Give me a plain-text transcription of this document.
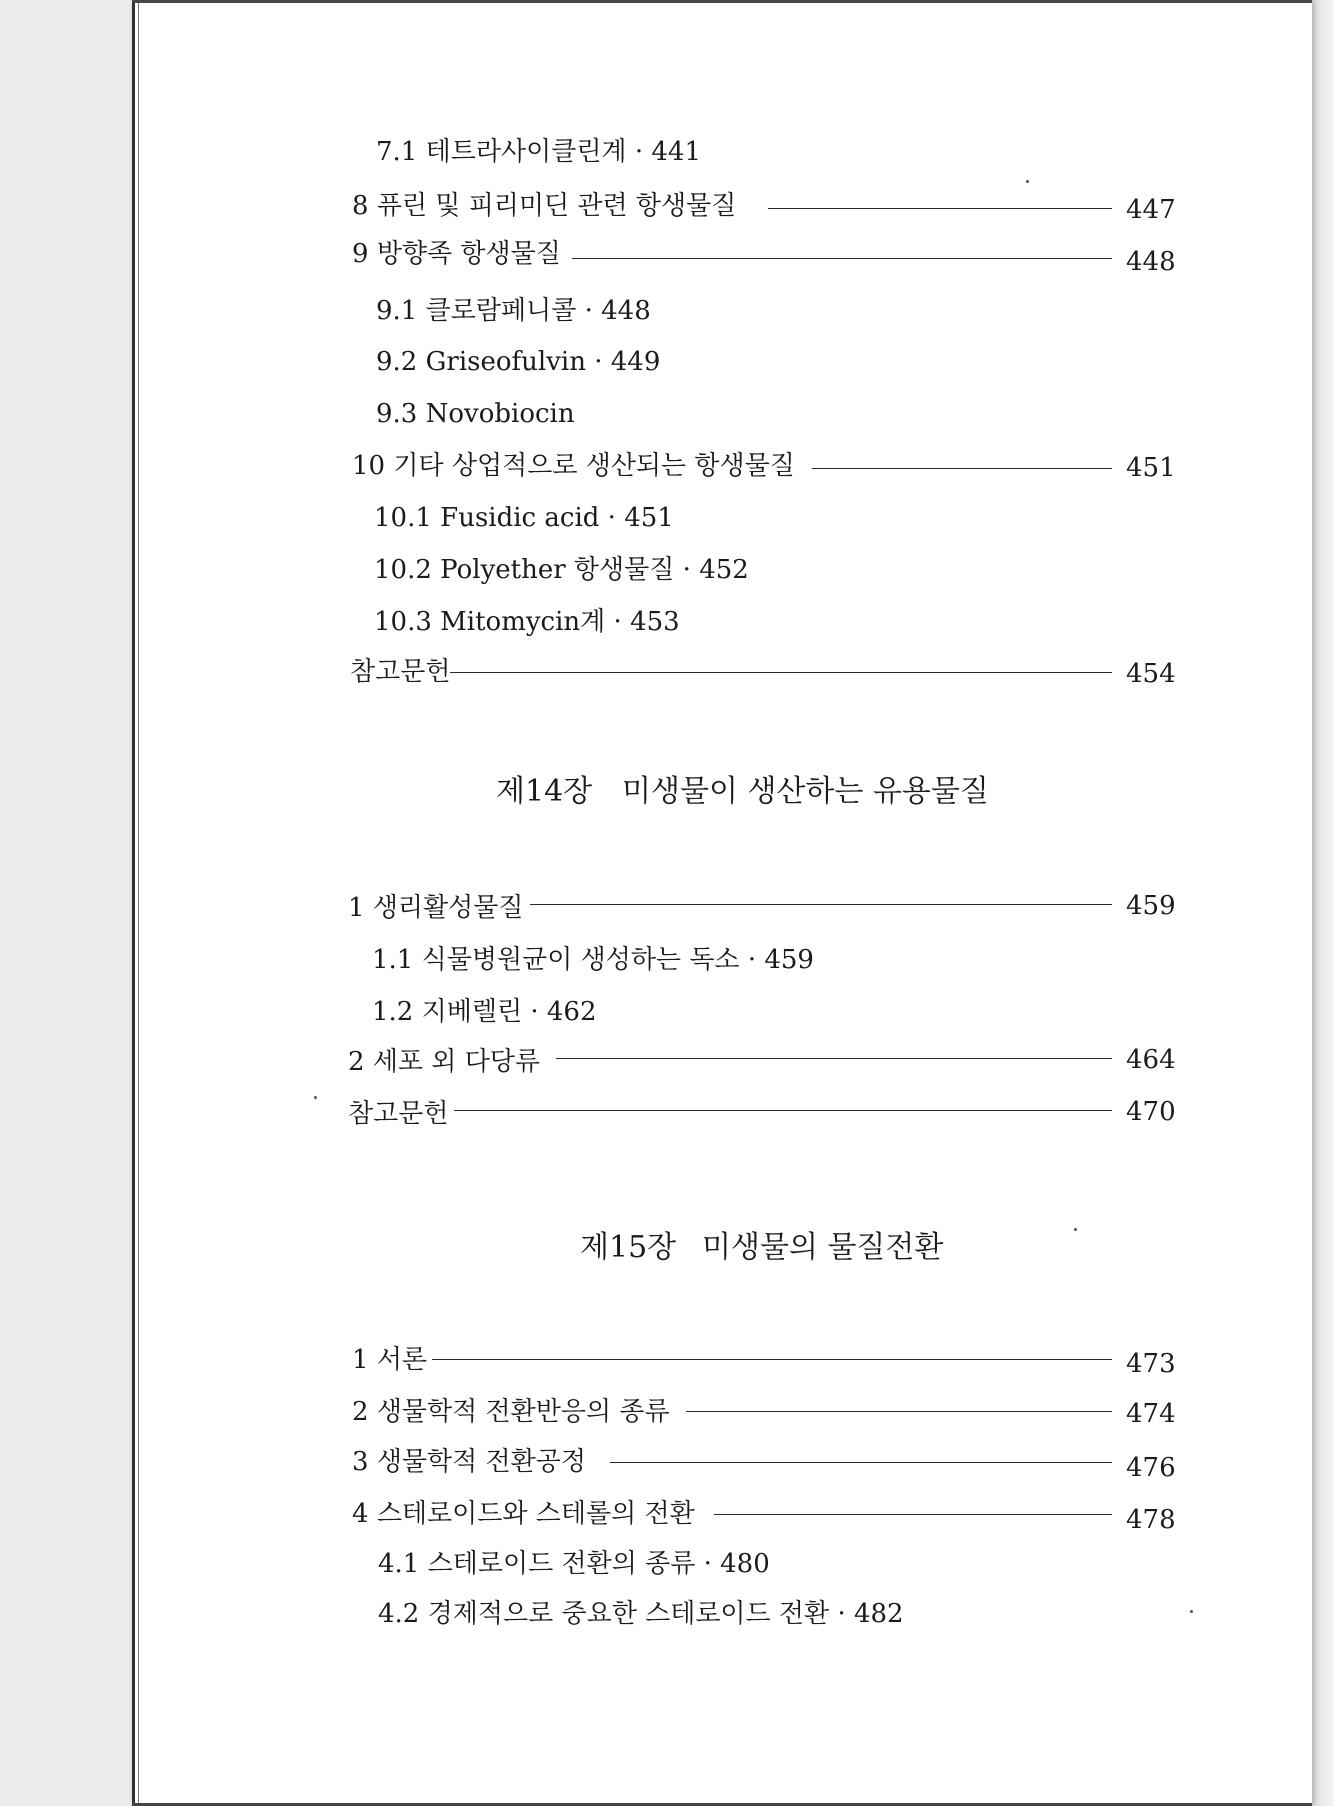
7.1 테트라사이클린계 · 441
8 퓨린 및 피리미딘 관련 항생물질	447
9 방향족 항생물질	448
9.1 클로람페니콜 · 448
9.2 Griseofulvin · 449
9.3 Novobiocin
10 기타 상업적으로 생산되는 항생물질	451
10.1 Fusidic acid · 451
10.2 Polyether 항생물질 · 452
10.3 Mitomycin계 · 453
참고문헌	454
제14장 미생물이 생산하는 유용물질
1 생리활성물질	459
1.1 식물병원균이 생성하는 독소 · 459
1.2 지베렐린 · 462
2 세포 외 다당류	464
참고문헌	470
제15장 미생물의 물질전환
1 서론	473
2 생물학적 전환반응의 종류	474
3 생물학적 전환공정	476
4 스테로이드와 스테롤의 전환	478
4.1 스테로이드 전환의 종류 · 480
4.2 경제적으로 중요한 스테로이드 전환 · 482
